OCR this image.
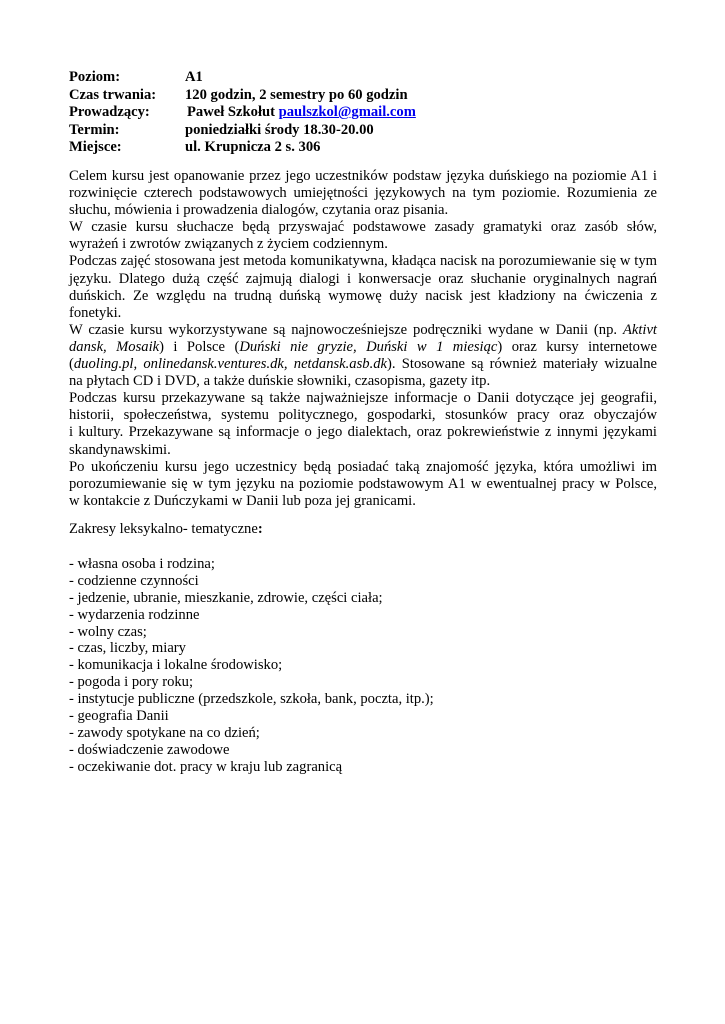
Poziom:	A1
Czas trwania: 120 godzin, 2 semestry po 60 godzin
Prowadzący:	Paweł Szkołut paulszkol@gmail.com
Termin:	poniedziałki środy 18.30-20.00
Miejsce:	ul. Krupnicza 2 s. 306

Celem kursu jest opanowanie przez jego uczestników podstaw języka duńskiego na poziomie A1 i
rozwinięcie czterech podstawowych umiejętności językowych na tym poziomie. Rozumienia ze
słuchu, mówienia i prowadzenia dialogów, czytania oraz pisania.

W czasie kursu słuchacze będą przyswajać podstawowe zasady gramatyki oraz zasób słów,
wyrażeń i zwrotów związanych z życiem codziennym.

Podczas zajęć stosowana jest metoda komunikatywna, kładąca nacisk na porozumiewanie się w tym
języku. Dlatego dużą część zajmują dialogi i konwersacje oraz słuchanie oryginalnych nagrań
duńskich. Ze względu na trudną duńską wymowę duży nacisk jest kładziony na ćwiczenia z
fonetyki.

W czasie kursu wykorzystywane są najnowocześniejsze podręczniki wydane w Danii (np. Aktivt
dansk, Mosaik) i Polsce (Duński nie gryzie, Duński w 1 miesiąc) oraz kursy internetowe
(duoling.pl, onlinedansk.ventures.dk, netdansk.asb.dk). Stosowane są również materiały wizualne
na płytach CD i DVD, a także duńskie słowniki, czasopisma, gazety itp.

Podczas kursu przekazywane są także najważniejsze informacje o Danii dotyczące jej geografii,
historii, społeczeństwa, systemu politycznego, gospodarki, stosunków pracy oraz obyczajów
i kultury. Przekazywane są informacje o jego dialektach, oraz pokrewieństwie z innymi językami
skandynawskimi.

Po ukończeniu kursu jego uczestnicy będą posiadać taką znajomość języka, która umożliwi im
porozumiewanie się w tym języku na poziomie podstawowym A1 w ewentualnej pracy w Polsce,
w kontakcie z Duńczykami w Danii lub poza jej granicami.

Zakresy leksykalno- tematyczne:
- własna osoba i rodzina;
- codzienne czynności
- jedzenie, ubranie, mieszkanie, zdrowie, części ciała;
- wydarzenia rodzinne
- wolny czas;
- czas, liczby, miary
- komunikacja i lokalne środowisko;
- pogoda i pory roku;
- instytucje publiczne (przedszkole, szkoła, bank, poczta, itp.);
- geografia Danii
- zawody spotykane na co dzień;
- doświadczenie zawodowe
- oczekiwanie dot. pracy w kraju lub zagranicą
